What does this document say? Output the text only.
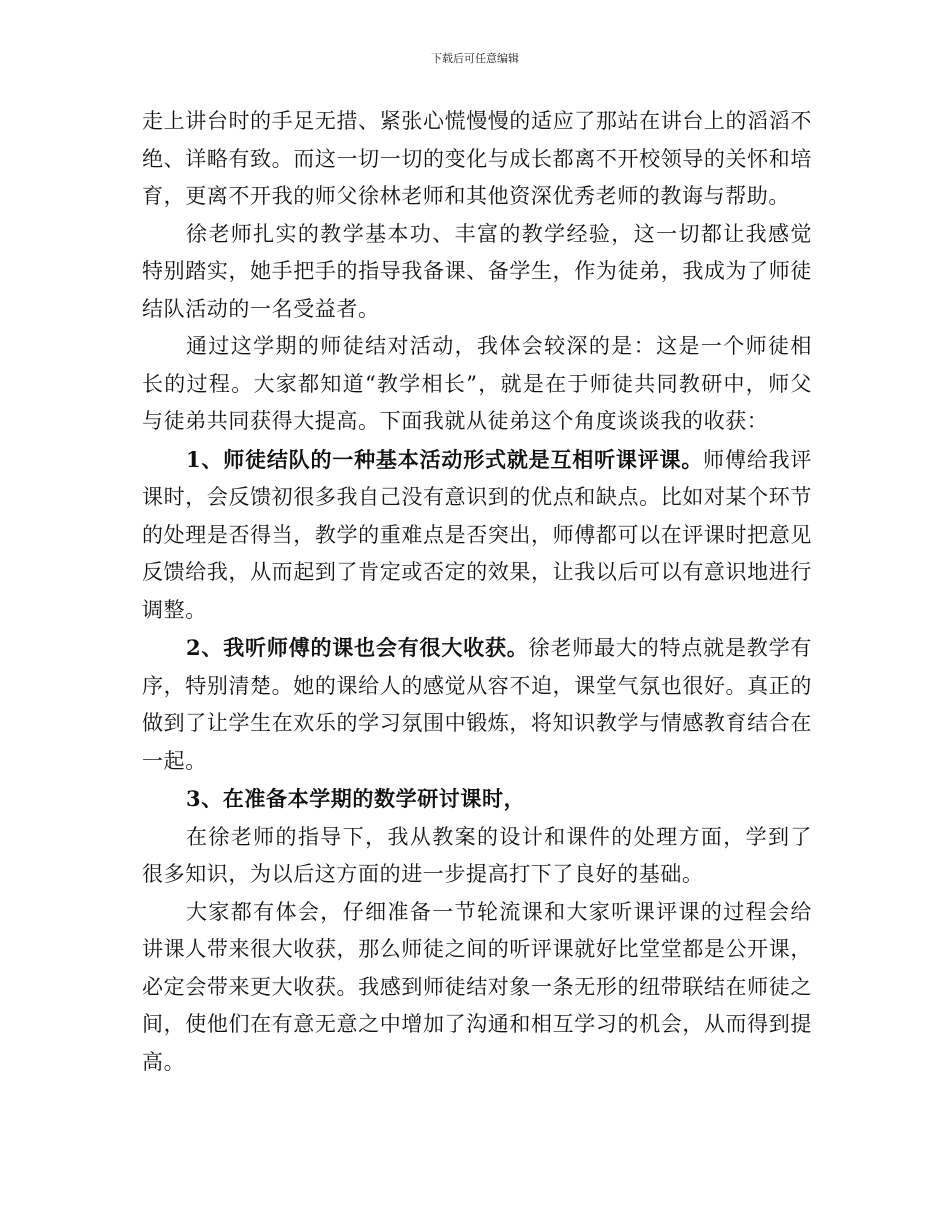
下载后可任意编辑

走上讲台时的手足无措、紧张心慌慢慢的适应了那站在讲台上的滔滔不绝、详略有致。而这一切一切的变化与成长都离不开校领导的关怀和培育，更离不开我的师父徐林老师和其他资深优秀老师的教诲与帮助。

徐老师扎实的教学基本功、丰富的教学经验，这一切都让我感觉特别踏实，她手把手的指导我备课、备学生，作为徒弟，我成为了师徒结队活动的一名受益者。

通过这学期的师徒结对活动，我体会较深的是：这是一个师徒相长的过程。大家都知道“教学相长”，就是在于师徒共同教研中，师父与徒弟共同获得大提高。下面我就从徒弟这个角度谈谈我的收获：

1、师徒结队的一种基本活动形式就是互相听课评课。师傅给我评课时，会反馈初很多我自己没有意识到的优点和缺点。比如对某个环节的处理是否得当，教学的重难点是否突出，师傅都可以在评课时把意见反馈给我，从而起到了肯定或否定的效果，让我以后可以有意识地进行调整。

2、我听师傅的课也会有很大收获。徐老师最大的特点就是教学有序，特别清楚。她的课给人的感觉从容不迫，课堂气氛也很好。真正的做到了让学生在欢乐的学习氛围中锻炼，将知识教学与情感教育结合在一起。

3、在准备本学期的数学研讨课时，

在徐老师的指导下，我从教案的设计和课件的处理方面，学到了很多知识，为以后这方面的进一步提高打下了良好的基础。

大家都有体会，仔细准备一节轮流课和大家听课评课的过程会给讲课人带来很大收获，那么师徒之间的听评课就好比堂堂都是公开课，必定会带来更大收获。我感到师徒结对象一条无形的纽带联结在师徒之间，使他们在有意无意之中增加了沟通和相互学习的机会，从而得到提高。
